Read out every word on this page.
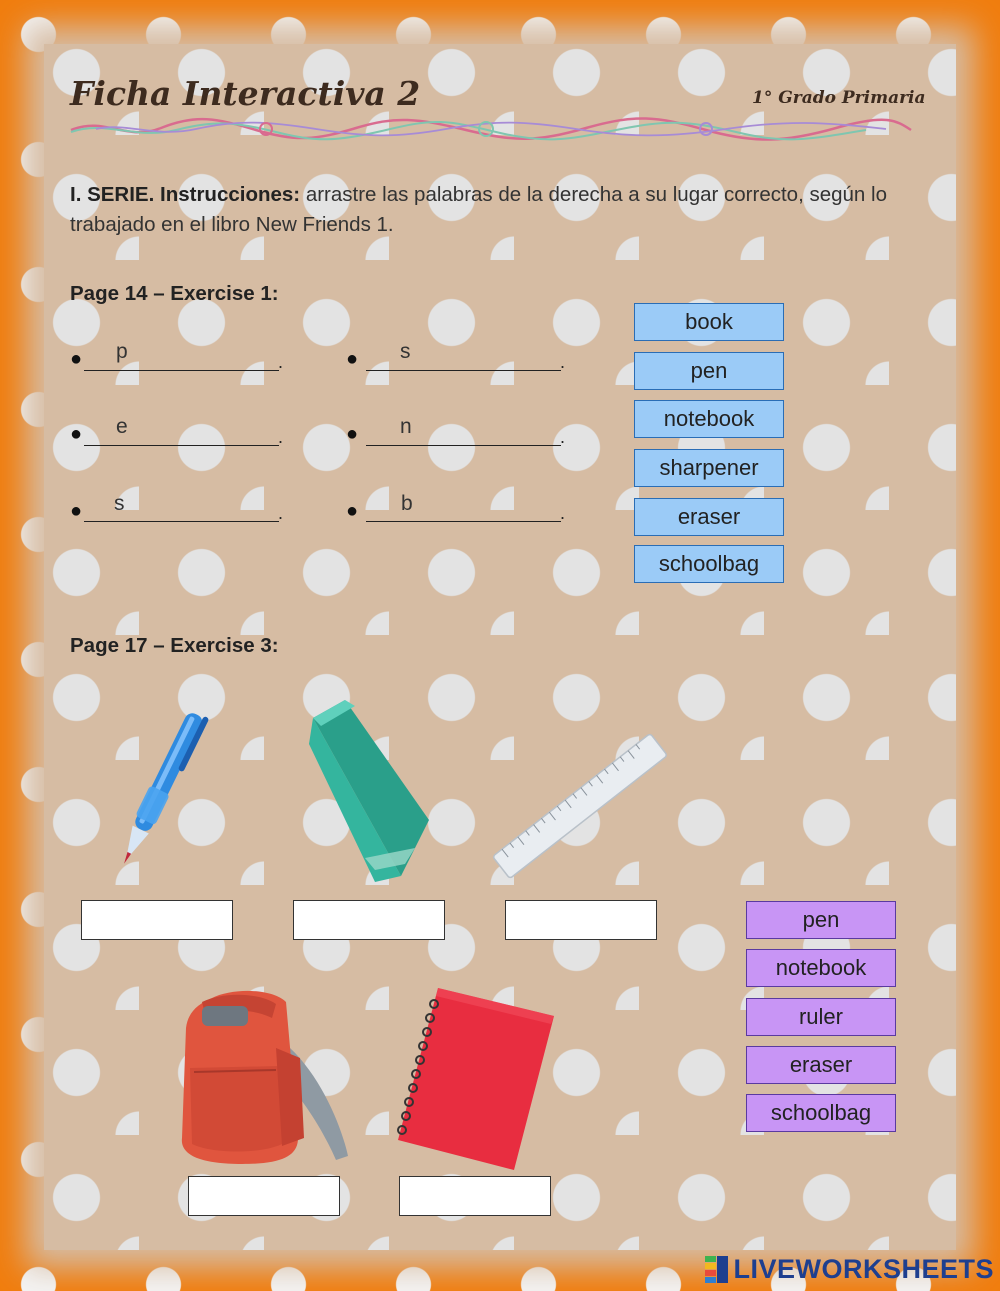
Ficha Interactiva 2	1° Grado Primaria
I. SERIE. Instrucciones: arrastre las palabras de la derecha a su lugar correcto, según lo trabajado en el libro New Friends 1.
Page 14 – Exercise 1:
● p	.	● s	.
● e	.	● n	.
● s	.	● b	.
book
pen
notebook
sharpener
eraser
schoolbag
Page 17 – Exercise 3:
pen
notebook
ruler
eraser
schoolbag
LIVEWORKSHEETS
